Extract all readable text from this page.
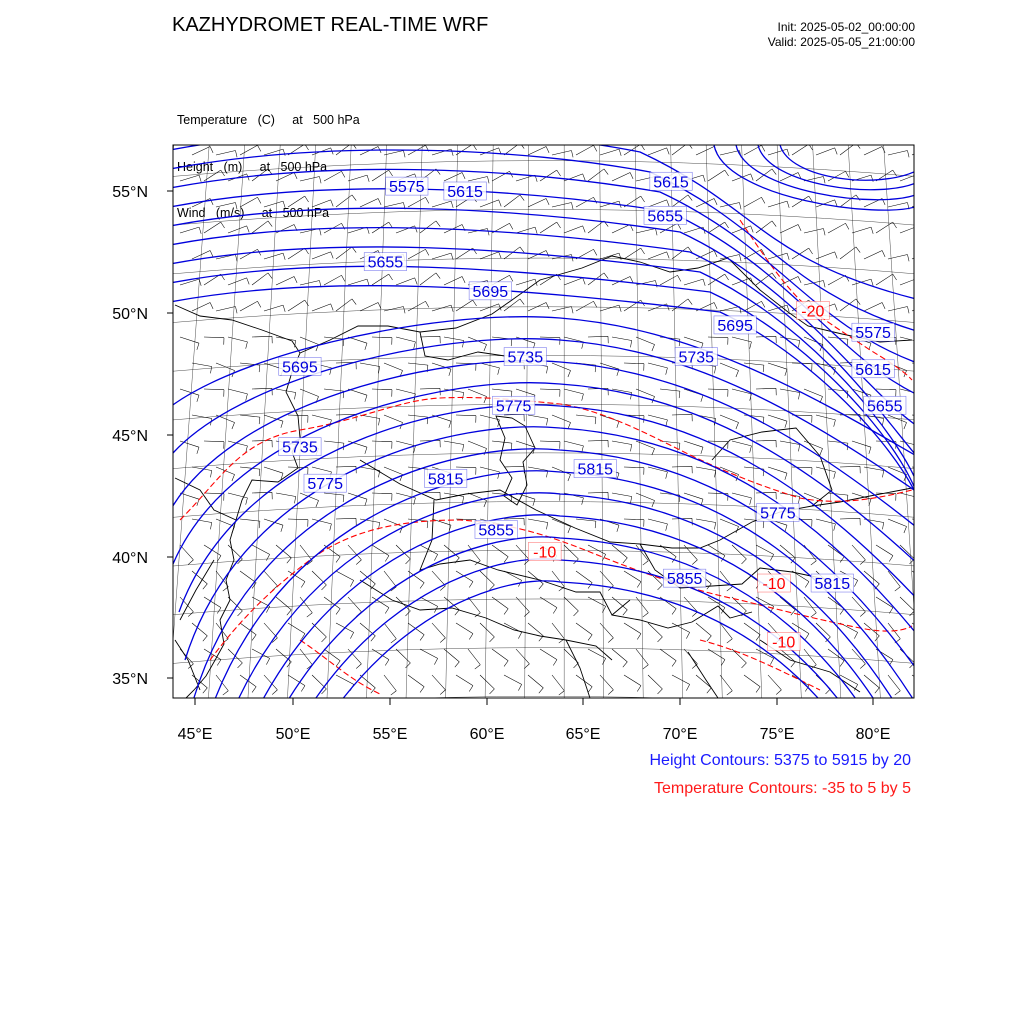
KAZHYDROMET REAL-TIME WRF	Init: 2025-05-02_00:00:00
Valid: 2025-05-05_21:00:00

Temperature   (C)     at   500 hPa

Height   (m)     at   500 hPa

Wind   (m/s)     at   500 hPa

5575 5615
5615
5655
5655
5695
5695
5735	5735
5695
5775
5735
5775	5815
5815
5855
5775
5855	5815
5575
5615
5655
-20
-10
-10
-10
55°N
50°N
45°N
40°N
35°N
45°E	50°E	55°E	60°E	65°E	70°E	75°E	80°E
Height Contours: 5375 to 5915 by 20
Temperature Contours: -35 to 5 by 5
